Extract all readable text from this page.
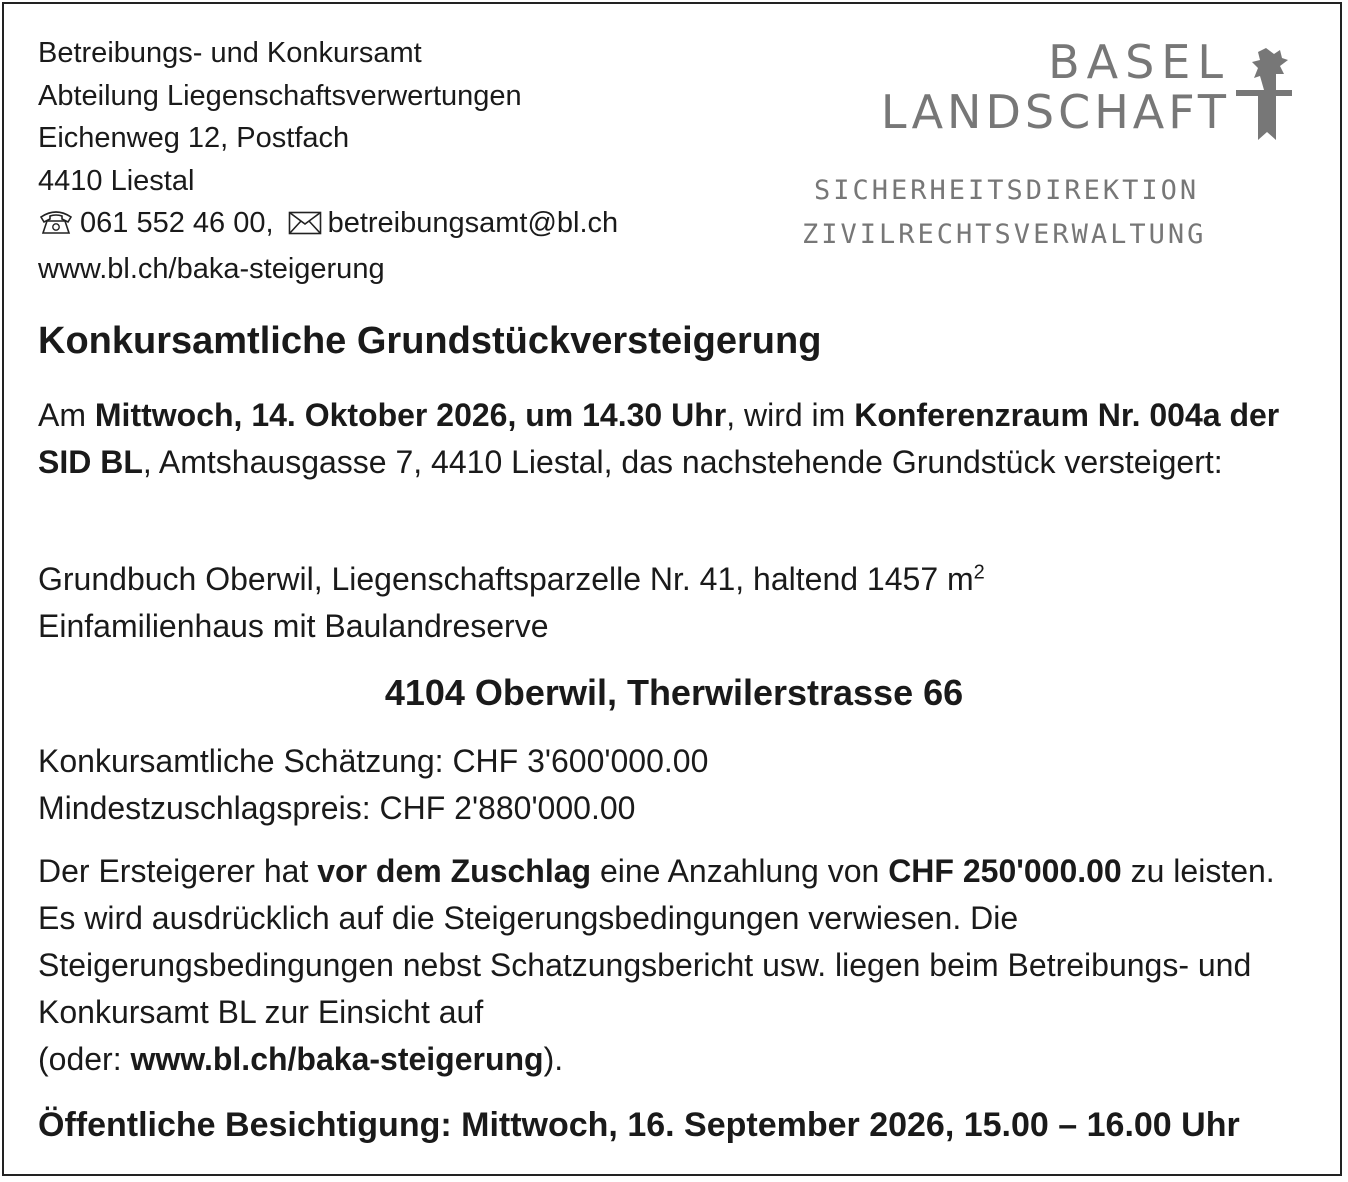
Betreibungs- und Konkursamt
Abteilung Liegenschaftsverwertungen
Eichenweg 12, Postfach
4410 Liestal
061 552 46 00, betreibungsamt@bl.ch
www.bl.ch/baka-steigerung
BASEL
LANDSCHAFT
SICHERHEITSDIREKTION
ZIVILRECHTSVERWALTUNG
Konkursamtliche Grundstückversteigerung
Am Mittwoch, 14. Oktober 2026, um 14.30 Uhr, wird im Konferenzraum Nr. 004a der SID BL, Amtshausgasse 7, 4410 Liestal, das nachstehende Grundstück versteigert:
Grundbuch Oberwil, Liegenschaftsparzelle Nr. 41, haltend 1457 $m^2$
Einfamilienhaus mit Baulandreserve
4104 Oberwil, Therwilerstrasse 66
Konkursamtliche Schätzung: CHF 3'600'000.00
Mindestzuschlagspreis: CHF 2'880'000.00
Der Ersteigerer hat vor dem Zuschlag eine Anzahlung von CHF 250'000.00 zu leisten. Es wird ausdrücklich auf die Steigerungsbedingungen verwiesen. Die Steigerungsbedingungen nebst Schatzungsbericht usw. liegen beim Betreibungs- und Konkursamt BL zur Einsicht auf
(oder: www.bl.ch/baka-steigerung).
Öffentliche Besichtigung: Mittwoch, 16. September 2026, 15.00 – 16.00 Uhr
